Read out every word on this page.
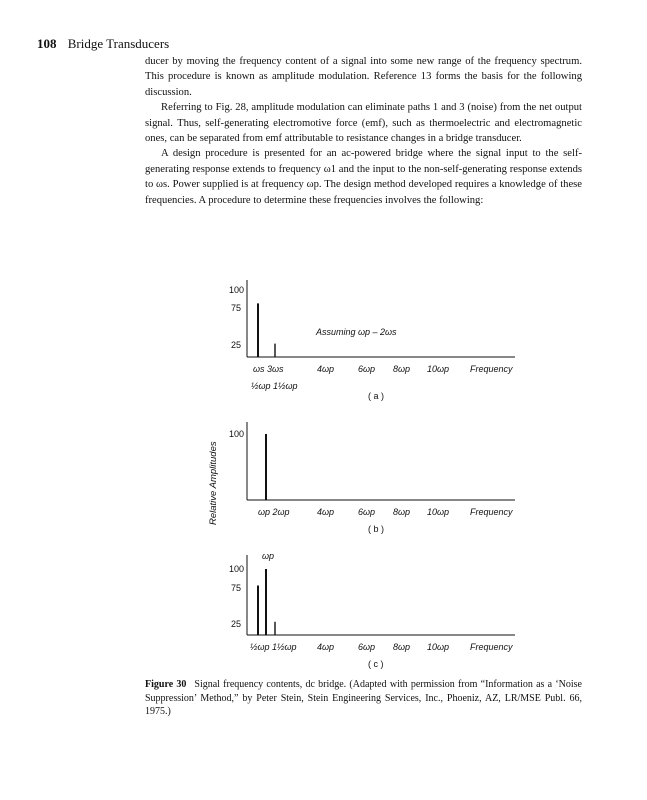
108 Bridge Transducers

ducer by moving the frequency content of a signal into some new range of the frequency spectrum. This procedure is known as amplitude modulation. Reference 13 forms the basis for the following discussion.

Referring to Fig. 28, amplitude modulation can eliminate paths 1 and 3 (noise) from the net output signal. Thus, self-generating electromotive force (emf), such as thermoelectric and electromagnetic ones, can be separated from emf attributable to resistance changes in a bridge transducer.

A design procedure is presented for an ac-powered bridge where the signal input to the self-generating response extends to frequency ω1 and the input to the non-self-generating response extends to ωs. Power supplied is at frequency ωp. The design method developed requires a knowledge of these frequencies. A procedure to determine these frequencies involves the following:

Relative Amplitudes
100
75
25
Assuming ωp – 2ωs
ωs 3ωs	4ωp	6ωp 8ωp 10ωp Frequency
½ωp 1½ωp
( a )
100
ωp 2ωp	4ωp	6ωp 8ωp 10ωp Frequency
( b )
100
75
25
ωp
½ωp 1½ωp 4ωp	6ωp 8ωp 10ωp Frequency
( c )
Figure 30 Signal frequency contents, dc bridge. (Adapted with permission from “Information as a ‘Noise Suppression’ Method,” by Peter Stein, Stein Engineering Services, Inc., Phoeniz, AZ, LR/MSE Publ. 66, 1975.)
